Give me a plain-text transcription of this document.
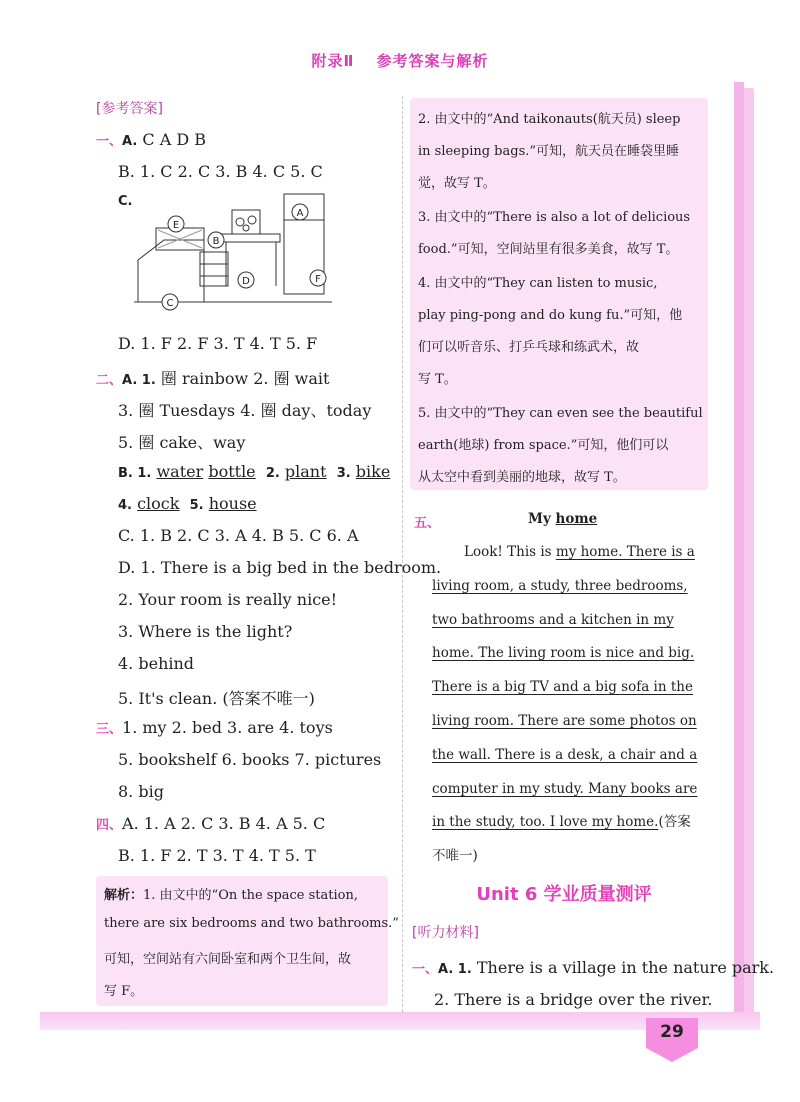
附录Ⅱ 参考答案与解析
29
[参考答案]
一、A. C A D B
B. 1. C 2. C 3. B 4. C 5. C
C.
E
A
B
D	F
C
D. 1. F 2. F 3. T 4. T 5. F
二、A. 1. 圈 rainbow 2. 圈 wait
3. 圈 Tuesdays 4. 圈 day、today
5. 圈 cake、way
B. 1. water bottle 2. plant 3. bike
4. clock 5. house
C. 1. B 2. C 3. A 4. B 5. C 6. A
D. 1. There is a big bed in the bedroom.
2. Your room is really nice!
3. Where is the light?
4. behind
5. It's clean. (答案不唯一)
三、1. my 2. bed 3. are 4. toys
5. bookshelf 6. books 7. pictures
8. big
四、A. 1. A 2. C 3. B 4. A 5. C
B. 1. F 2. T 3. T 4. T 5. T
解析：1. 由文中的“On the space station,
there are six bedrooms and two bathrooms.”
可知，空间站有六间卧室和两个卫生间，故
写 F。
2. 由文中的“And taikonauts(航天员) sleep
in sleeping bags.”可知，航天员在睡袋里睡
觉，故写 T。
3. 由文中的“There is also a lot of delicious
food.”可知，空间站里有很多美食，故写 T。
4. 由文中的“They can listen to music,
play ping-pong and do kung fu.”可知，他
们可以听音乐、打乒乓球和练武术，故
写 T。
5. 由文中的“They can even see the beautiful
earth(地球) from space.”可知，他们可以
从太空中看到美丽的地球，故写 T。
五、	My home
Look! This is my home. There is a
living room, a study, three bedrooms,
two bathrooms and a kitchen in my
home. The living room is nice and big.
There is a big TV and a big sofa in the
living room. There are some photos on
the wall. There is a desk, a chair and a
computer in my study. Many books are
in the study, too. I love my home.(答案
不唯一)
Unit 6 学业质量测评
[听力材料]
一、A. 1. There is a village in the nature park.
2. There is a bridge over the river.
